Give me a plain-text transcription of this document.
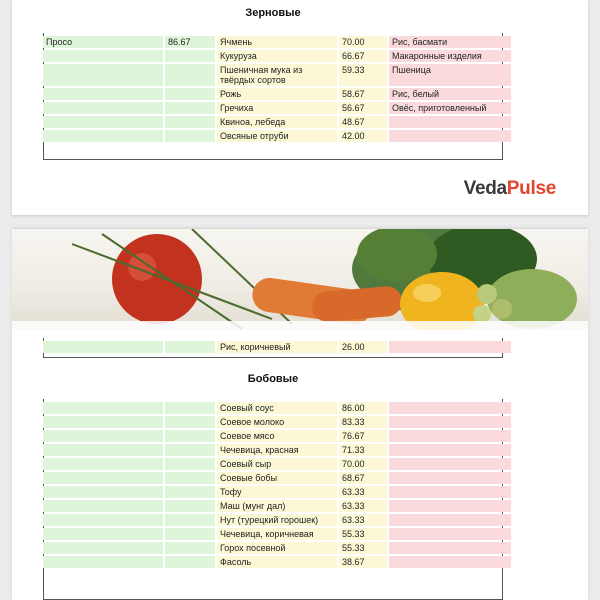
Зерновые
Просо		86.67		Ячмень		70.00		Рис, басмати
				Кукуруза		66.67		Макаронные изделия
				Пшеничная мука из твёрдых сортов		59.33		Пшеница
				Рожь		58.67		Рис, белый
				Гречиха		56.67		Овёс, приготовленный
				Квиноа, лебеда		48.67		
				Овсяные отруби		42.00		
VedaPulse
				Рис, коричневый		26.00		
Бобовые
				Соевый соус		86.00		
				Соевое молоко		83.33		
				Соевое мясо		76.67		
				Чечевица, красная		71.33		
				Соевый сыр		70.00		
				Соевые бобы		68.67		
				Тофу		63.33		
				Маш (мунг дал)		63.33		
				Нут (турецкий горошек)		63.33		
				Чечевица, коричневая		55.33		
				Горох посевной		55.33		
				Фасоль		38.67		
